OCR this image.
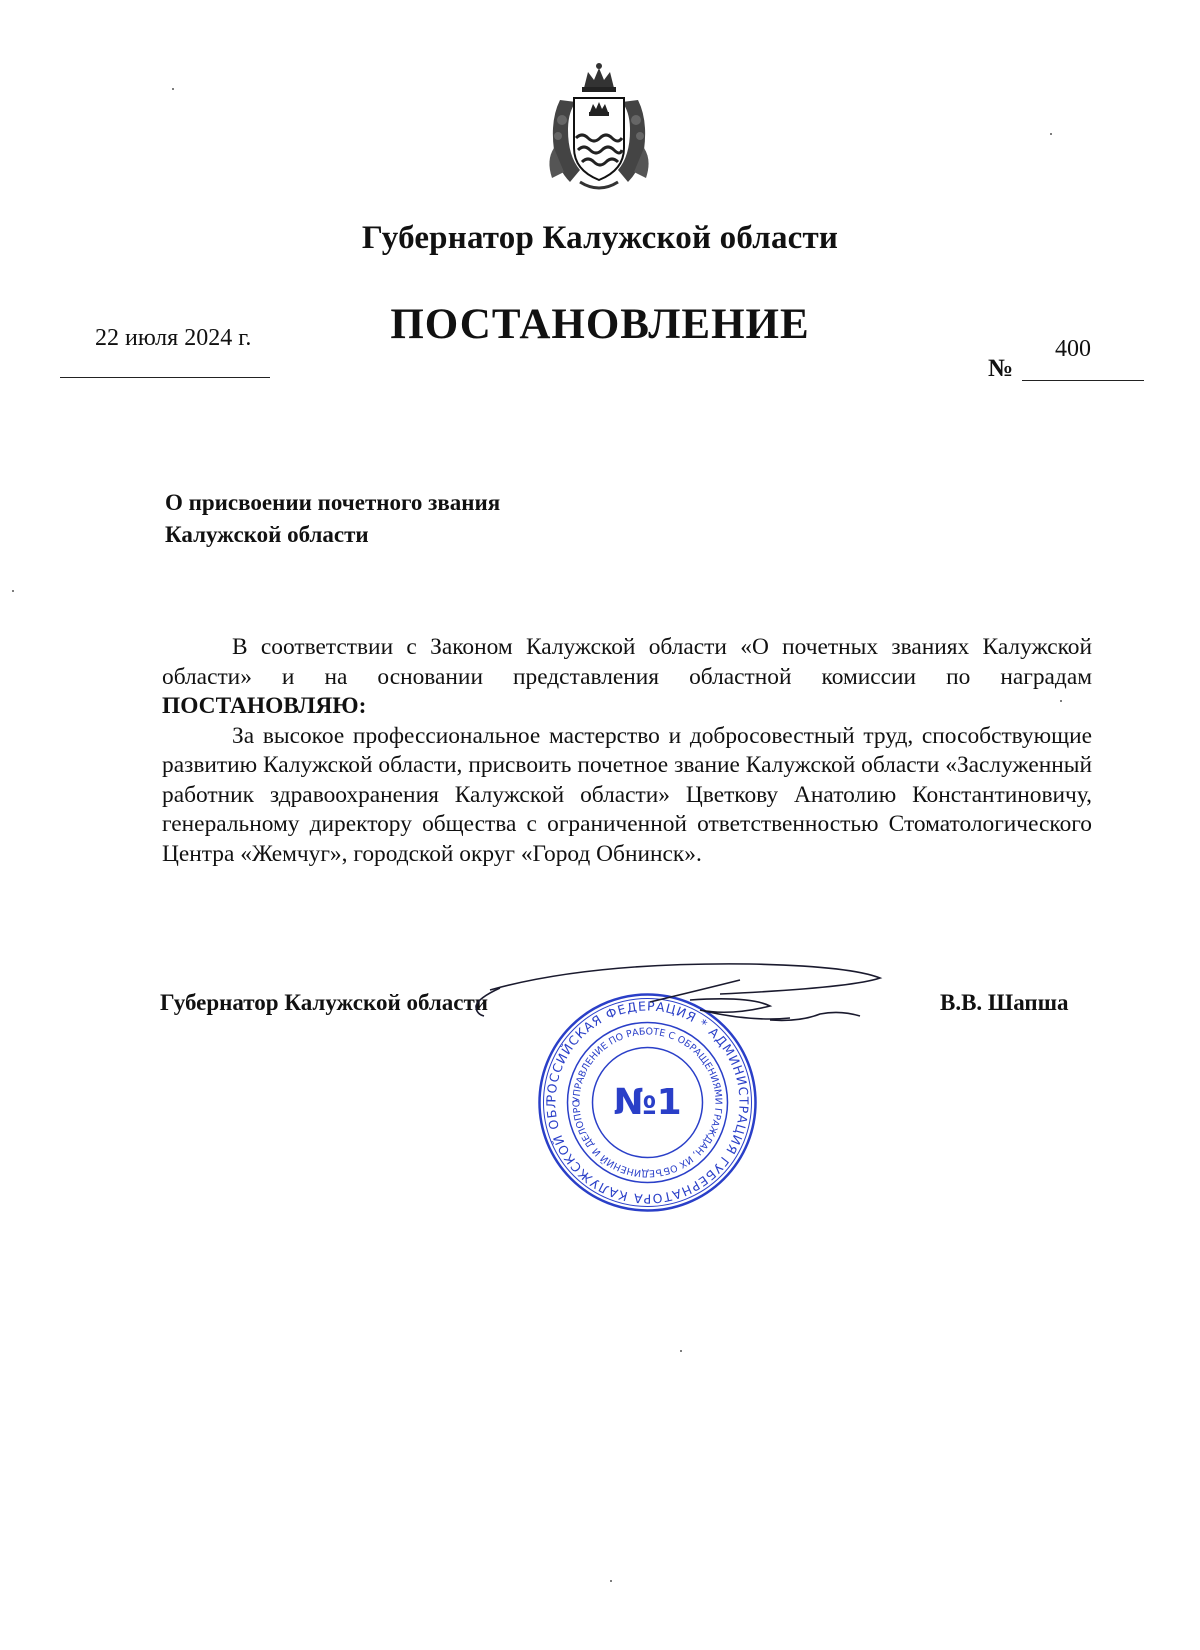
Губернатор Калужской области
ПОСТАНОВЛЕНИЕ
22 июля 2024 г.	400
№
О присвоении почетного звания
Калужской области

В соответствии с Законом Калужской области «О почетных званиях Калужской области» и на основании представления областной комиссии по наградам ПОСТАНОВЛЯЮ:

За высокое профессиональное мастерство и добросовестный труд, способствующие развитию Калужской области, присвоить почетное звание Калужской области «Заслуженный работник здравоохранения Калужской области» Цветкову Анатолию Константиновичу, генеральному директору общества с ограниченной ответственностью Стоматологического Центра «Жемчуг», городской округ «Город Обнинск».

Губернатор Калужской области	В.В. Шапша
РОССИЙСКАЯ ФЕДЕРАЦИЯ * АДМИНИСТРАЦИЯ ГУБЕРНАТОРА КАЛУЖСКОЙ ОБЛ	УПРАВЛЕНИЕ ПО РАБОТЕ С ОБРАЩЕНИЯМИ ГРАЖДАН, ИХ ОБЪЕДИНЕНИЙ И ДЕЛОПРО №1
